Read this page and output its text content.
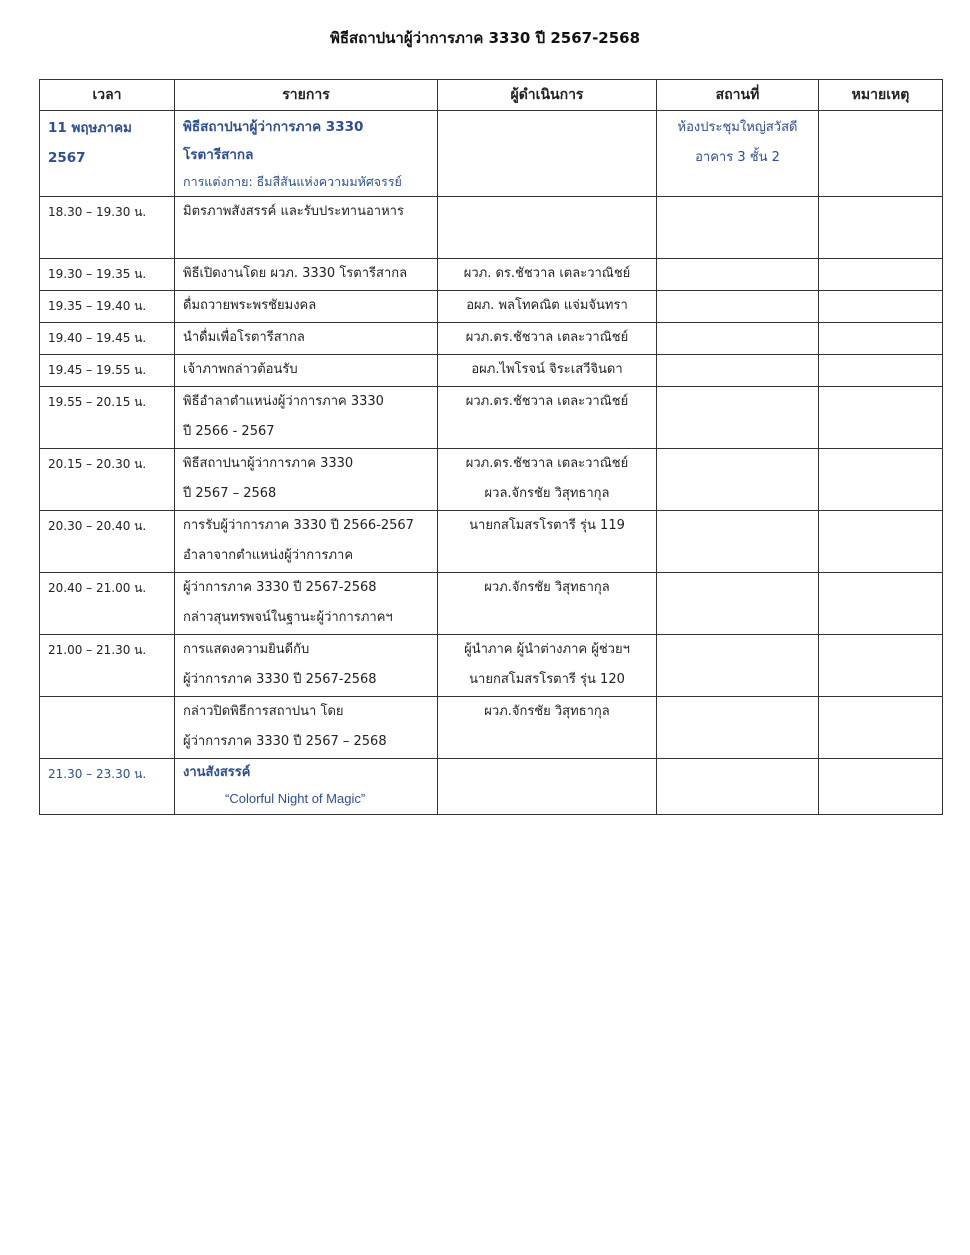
พิธีสถาปนาผู้ว่าการภาค 3330 ปี 2567-2568
เวลา	รายการ	ผู้ดำเนินการ	สถานที่	หมายเหตุ

11 พฤษภาคม
2567	พิธีสถาปนาผู้ว่าการภาค 3330
โรตารีสากล
การแต่งกาย: ธีมสีสันแห่งความมหัศจรรย์		ห้องประชุมใหญ่สวัสดี
อาคาร 3 ชั้น 2	

18.30 – 19.30 น.	มิตรภาพสังสรรค์ และรับประทานอาหาร			

19.30 – 19.35 น.	พิธีเปิดงานโดย ผวภ. 3330 โรตารีสากล	ผวภ. ดร.ชัชวาล เตละวาณิชย์		

19.35 – 19.40 น.	ดื่มถวายพระพรชัยมงคล	อผภ. พลโทคณิต แจ่มจันทรา		

19.40 – 19.45 น.	นำดื่มเพื่อโรตารีสากล	ผวภ.ดร.ชัชวาล เตละวาณิชย์		

19.45 – 19.55 น.	เจ้าภาพกล่าวต้อนรับ	อผภ.ไพโรจน์ จิระเสวีจินดา		

19.55 – 20.15 น.	พิธีอำลาตำแหน่งผู้ว่าการภาค 3330
ปี 2566 - 2567	ผวภ.ดร.ชัชวาล เตละวาณิชย์		

20.15 – 20.30 น.	พิธีสถาปนาผู้ว่าการภาค 3330
ปี 2567 – 2568	ผวภ.ดร.ชัชวาล เตละวาณิชย์
ผวล.จักรชัย วิสุทธากุล		

20.30 – 20.40 น.	การรับผู้ว่าการภาค 3330 ปี 2566-2567
อำลาจากตำแหน่งผู้ว่าการภาค	นายกสโมสรโรตารี รุ่น 119		

20.40 – 21.00 น.	ผู้ว่าการภาค 3330 ปี 2567-2568
กล่าวสุนทรพจน์ในฐานะผู้ว่าการภาคฯ	ผวภ.จักรชัย วิสุทธากุล		

21.00 – 21.30 น.	การแสดงความยินดีกับ
ผู้ว่าการภาค 3330 ปี 2567-2568	ผู้นำภาค ผู้นำต่างภาค ผู้ช่วยฯ
นายกสโมสรโรตารี รุ่น 120		

	กล่าวปิดพิธีการสถาปนา โดย
ผู้ว่าการภาค 3330 ปี 2567 – 2568	ผวภ.จักรชัย วิสุทธากุล		

21.30 – 23.30 น.	งานสังสรรค์
“Colorful Night of Magic”			
